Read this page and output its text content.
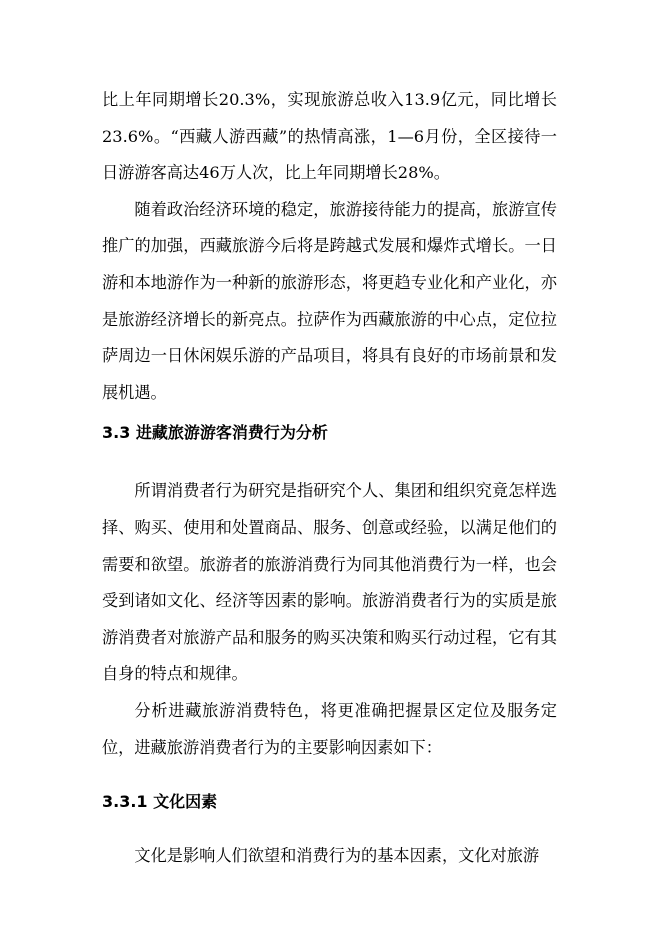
比上年同期增长20.3%，实现旅游总收入13.9亿元，同比增长23.6%。“西藏人游西藏”的热情高涨，1—6月份，全区接待一日游游客高达46万人次，比上年同期增长28%。

随着政治经济环境的稳定，旅游接待能力的提高，旅游宣传推广的加强，西藏旅游今后将是跨越式发展和爆炸式增长。一日游和本地游作为一种新的旅游形态，将更趋专业化和产业化，亦是旅游经济增长的新亮点。拉萨作为西藏旅游的中心点，定位拉萨周边一日休闲娱乐游的产品项目，将具有良好的市场前景和发展机遇。

3.3 进藏旅游游客消费行为分析

所谓消费者行为研究是指研究个人、集团和组织究竟怎样选择、购买、使用和处置商品、服务、创意或经验，以满足他们的需要和欲望。旅游者的旅游消费行为同其他消费行为一样，也会受到诸如文化、经济等因素的影响。旅游消费者行为的实质是旅游消费者对旅游产品和服务的购买决策和购买行动过程，它有其自身的特点和规律。

分析进藏旅游消费特色，将更准确把握景区定位及服务定位，进藏旅游消费者行为的主要影响因素如下：

3.3.1 文化因素

文化是影响人们欲望和消费行为的基本因素，文化对旅游
